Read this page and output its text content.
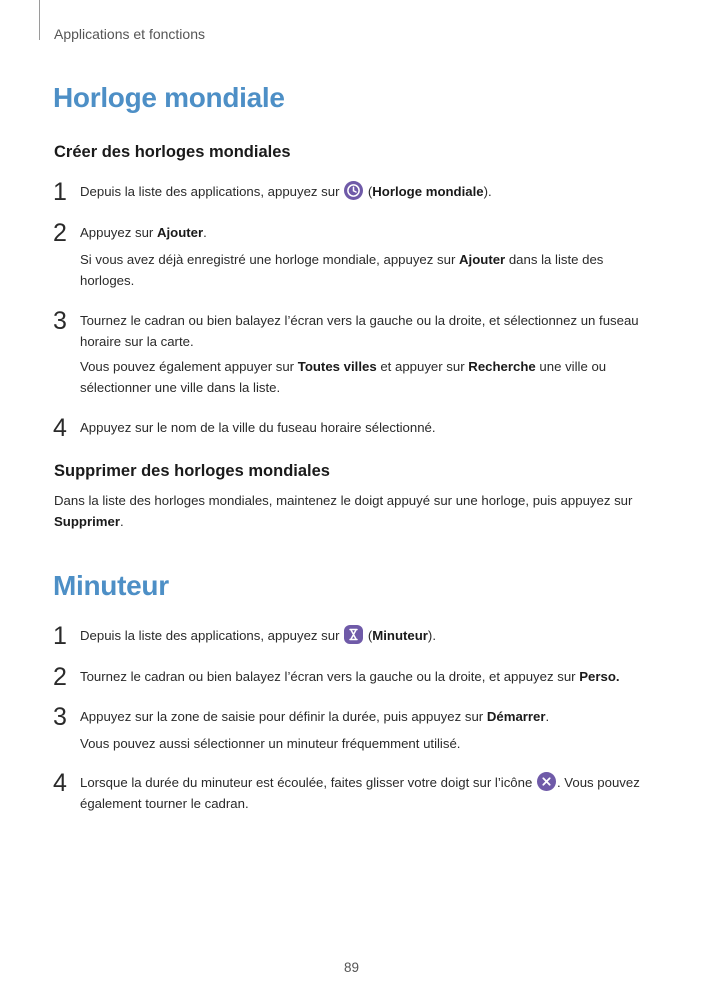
Applications et fonctions
Horloge mondiale
Créer des horloges mondiales
1 Depuis la liste des applications, appuyez sur
(Horloge mondiale).
2 Appuyez sur Ajouter.
Si vous avez déjà enregistré une horloge mondiale, appuyez sur Ajouter dans la liste des horloges.
3 Tournez le cadran ou bien balayez l’écran vers la gauche ou la droite, et sélectionnez un fuseau horaire sur la carte.
Vous pouvez également appuyer sur Toutes villes et appuyer sur Recherche une ville ou sélectionner une ville dans la liste.
4 Appuyez sur le nom de la ville du fuseau horaire sélectionné.
Supprimer des horloges mondiales
Dans la liste des horloges mondiales, maintenez le doigt appuyé sur une horloge, puis appuyez sur Supprimer.
Minuteur
1 Depuis la liste des applications, appuyez sur
(Minuteur).
2 Tournez le cadran ou bien balayez l’écran vers la gauche ou la droite, et appuyez sur Perso.
3 Appuyez sur la zone de saisie pour définir la durée, puis appuyez sur Démarrer.
Vous pouvez aussi sélectionner un minuteur fréquemment utilisé.
4 Lorsque la durée du minuteur est écoulée, faites glisser votre doigt sur l’icône
. Vous pouvez également tourner le cadran.
89
